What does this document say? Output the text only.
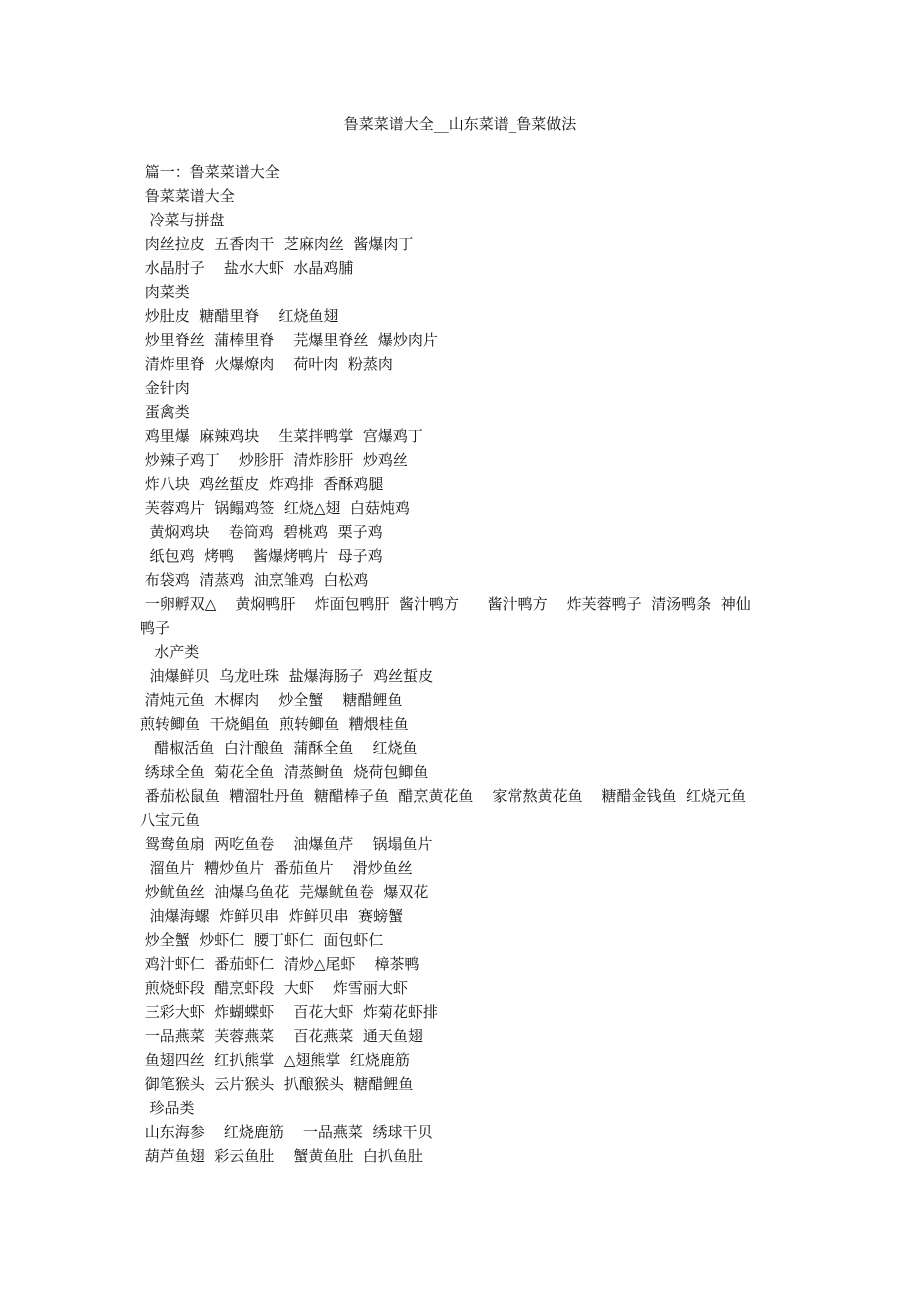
鲁菜菜谱大全__山东菜谱_鲁菜做法
篇一：鲁菜菜谱大全
鲁菜菜谱大全
冷菜与拼盘
肉丝拉皮  五香肉干  芝麻肉丝  酱爆肉丁
水晶肘子    盐水大虾  水晶鸡脯
肉菜类
炒肚皮  糖醋里脊    红烧鱼翅
炒里脊丝  蒲棒里脊    芫爆里脊丝  爆炒肉片
清炸里脊  火爆燎肉    荷叶肉  粉蒸肉
金针肉
蛋禽类
鸡里爆  麻辣鸡块    生菜拌鸭掌  宫爆鸡丁
炒辣子鸡丁    炒胗肝  清炸胗肝  炒鸡丝
炸八块  鸡丝蜇皮  炸鸡排  香酥鸡腿
芙蓉鸡片  锅鳎鸡签  红烧△翅  白菇炖鸡
黄焖鸡块    卷筒鸡  碧桃鸡  栗子鸡
纸包鸡  烤鸭    酱爆烤鸭片  母子鸡
布袋鸡  清蒸鸡  油烹雏鸡  白松鸡
一卵孵双△    黄焖鸭肝    炸面包鸭肝  酱汁鸭方      酱汁鸭方    炸芙蓉鸭子  清汤鸭条  神仙
鸭子
水产类
油爆鲜贝  乌龙吐珠  盐爆海肠子  鸡丝蜇皮
清炖元鱼  木樨肉    炒全蟹    糖醋鲤鱼
煎转鲫鱼  干烧鲳鱼  煎转鲫鱼  糟煨桂鱼
醋椒活鱼  白汁酿鱼  蒲酥全鱼    红烧鱼
绣球全鱼  菊花全鱼  清蒸鲥鱼  烧荷包鲫鱼
番茄松鼠鱼  糟溜牡丹鱼  糖醋棒子鱼  醋烹黄花鱼    家常熬黄花鱼    糖醋金钱鱼  红烧元鱼
八宝元鱼
鸳鸯鱼扇  两吃鱼卷    油爆鱼芹    锅塌鱼片
溜鱼片  糟炒鱼片  番茄鱼片    滑炒鱼丝
炒鱿鱼丝  油爆乌鱼花  芫爆鱿鱼卷  爆双花
油爆海螺  炸鲜贝串  炸鲜贝串  赛螃蟹
炒全蟹  炒虾仁  腰丁虾仁  面包虾仁
鸡汁虾仁  番茄虾仁  清炒△尾虾    樟茶鸭
煎烧虾段  醋烹虾段  大虾    炸雪丽大虾
三彩大虾  炸蝴蝶虾    百花大虾  炸菊花虾排
一品燕菜  芙蓉燕菜    百花燕菜  通天鱼翅
鱼翅四丝  红扒熊掌  △翅熊掌  红烧鹿筋
御笔猴头  云片猴头  扒酿猴头  糖醋鲤鱼
珍品类
山东海参    红烧鹿筋    一品燕菜  绣球干贝
葫芦鱼翅  彩云鱼肚    蟹黄鱼肚  白扒鱼肚
